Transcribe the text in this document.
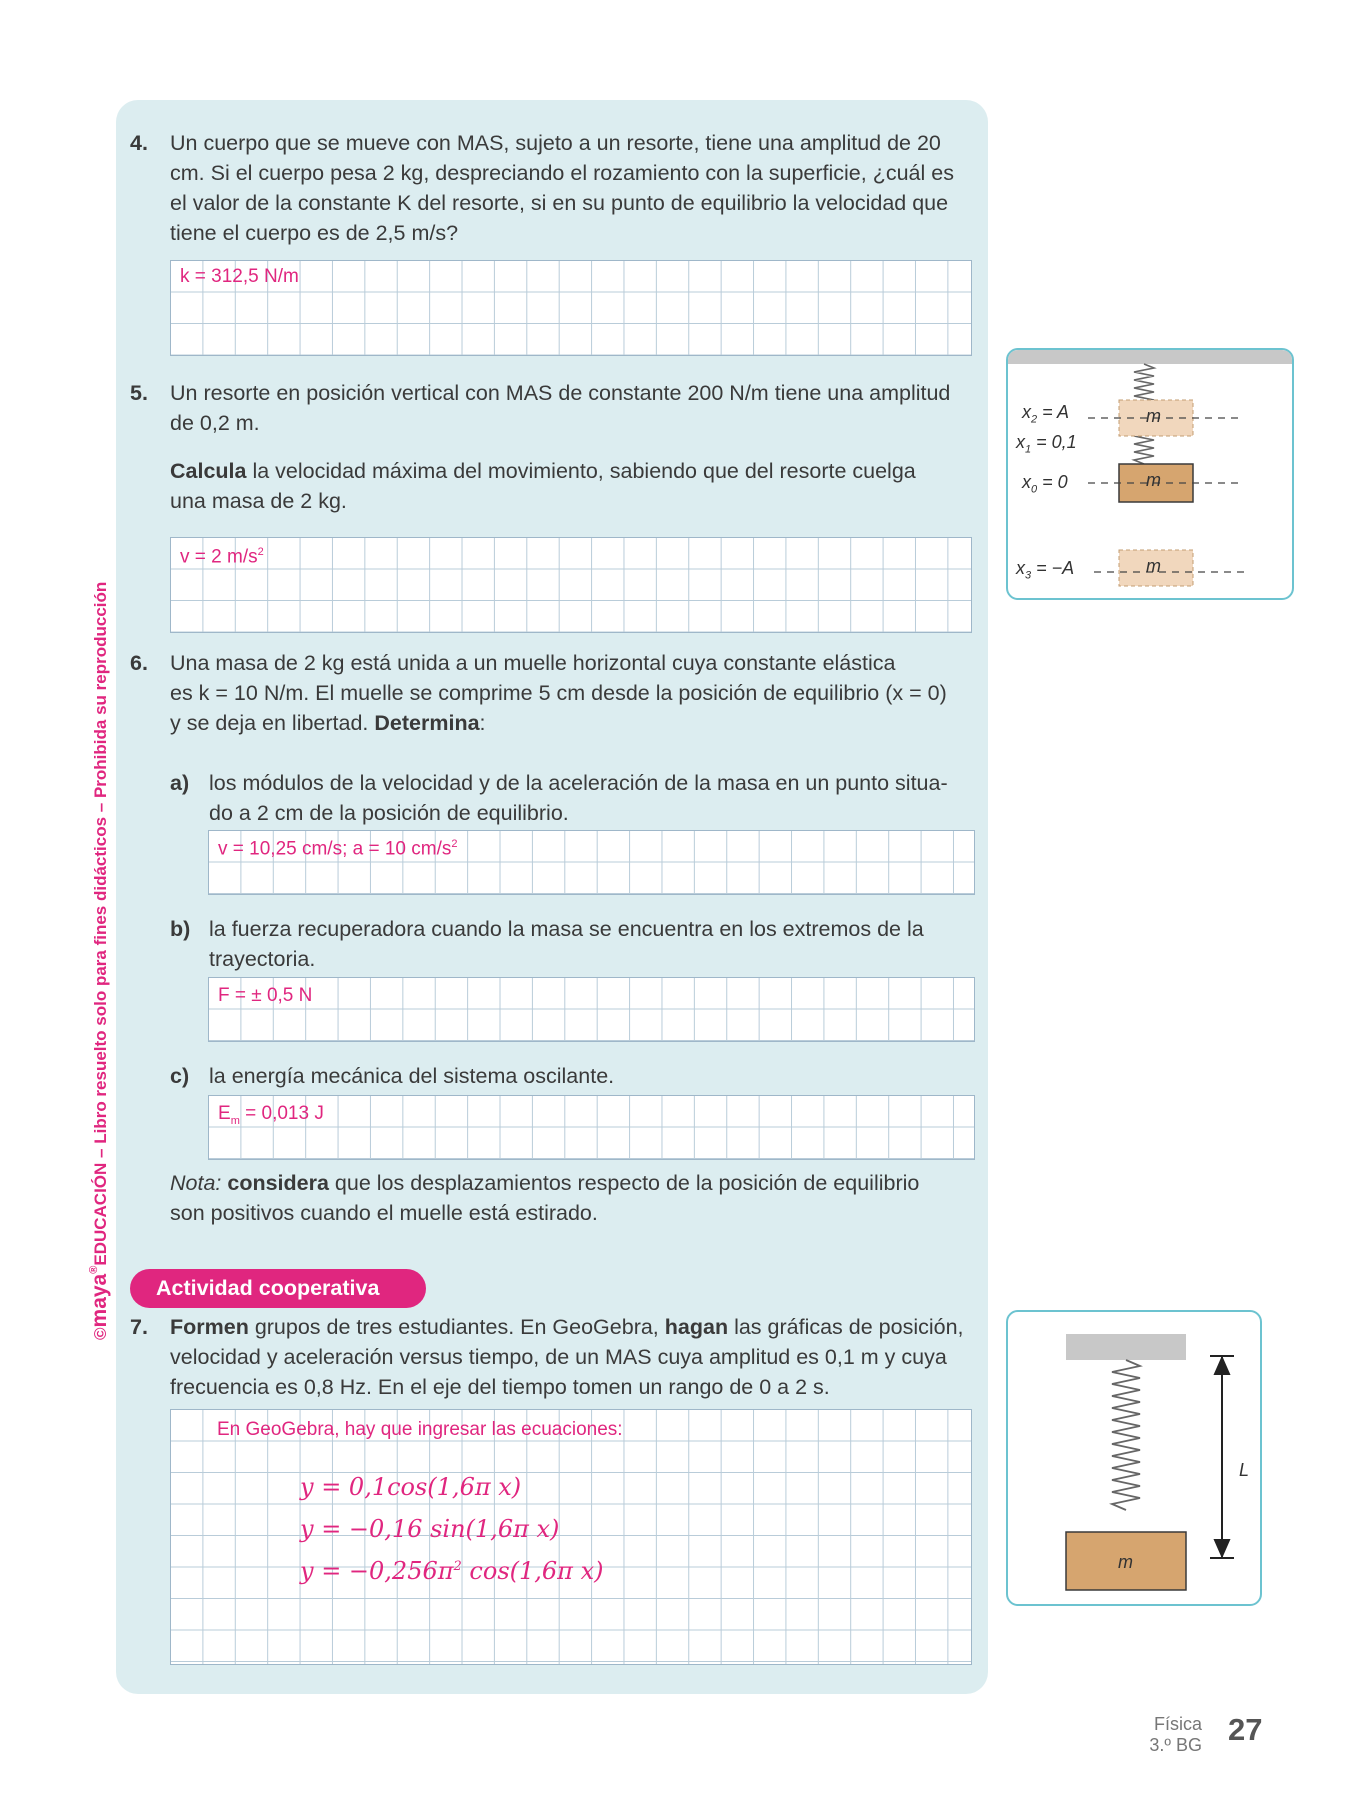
©maya®EDUCACIÓN – Libro resuelto solo para fines didácticos – Prohibida su reproducción
4. Un cuerpo que se mueve con MAS, sujeto a un resorte, tiene una amplitud de 20
cm. Si el cuerpo pesa 2 kg, despreciando el rozamiento con la superficie, ¿cuál es
el valor de la constante K del resorte, si en su punto de equilibrio la velocidad que
tiene el cuerpo es de 2,5 m/s?
k = 312,5 N/m
5. Un resorte en posición vertical con MAS de constante 200 N/m tiene una amplitud
de 0,2 m.
Calcula la velocidad máxima del movimiento, sabiendo que del resorte cuelga
una masa de 2 kg.
v = 2 $m/s^2$
6. Una masa de 2 kg está unida a un muelle horizontal cuya constante elástica
es k = 10 N/m. El muelle se comprime 5 cm desde la posición de equilibrio (x = 0)
y se deja en libertad. Determina:
a) los módulos de la velocidad y de la aceleración de la masa en un punto situa-
do a 2 cm de la posición de equilibrio.
v = 10,25 cm/s; a = 10 $cm/s^2$
b) la fuerza recuperadora cuando la masa se encuentra en los extremos de la
trayectoria.
F = ± 0,5 N
c) la energía mecánica del sistema oscilante.
$E_m = 0,013$ J
Nota: considera que los desplazamientos respecto de la posición de equilibrio
son positivos cuando el muelle está estirado.
Actividad cooperativa
7. Formen grupos de tres estudiantes. En GeoGebra, hagan las gráficas de posición,
velocidad y aceleración versus tiempo, de un MAS cuya amplitud es 0,1 m y cuya
frecuencia es 0,8 Hz. En el eje del tiempo tomen un rango de 0 a 2 s.
En GeoGebra, hay que ingresar las ecuaciones:
y = 0,1cos(1,6π x)
y = −0,16 sin(1,6π x)
$y = -0,256\pi^2$ cos(1,6π x)
$x_2 = A$
$x_1 = 0,1$
$x_0 = 0$
$x_3 = -A$
m
m
m
m
L
Física
3.º BG 27
